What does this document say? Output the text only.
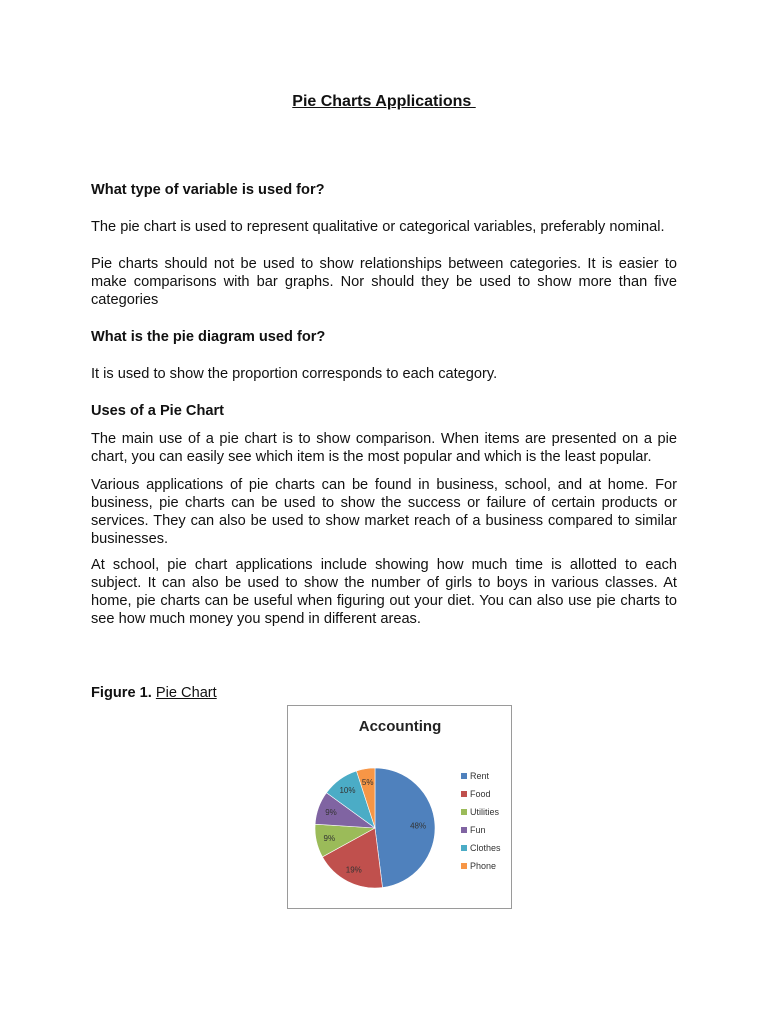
Pie Charts Applications
What type of variable is used for?
The pie chart is used to represent qualitative or categorical variables, preferably nominal.
Pie charts should not be used to show relationships between categories. It is easier to make comparisons with bar graphs. Nor should they be used to show more than five categories
What is the pie diagram used for?
It is used to show the proportion corresponds to each category.
Uses of a Pie Chart
The main use of a pie chart is to show comparison. When items are presented on a pie chart, you can easily see which item is the most popular and which is the least popular.
Various applications of pie charts can be found in business, school, and at home. For business, pie charts can be used to show the success or failure of certain products or services. They can also be used to show market reach of a business compared to similar businesses.
At school, pie chart applications include showing how much time is allotted to each subject. It can also be used to show the number of girls to boys in various classes. At home, pie charts can be useful when figuring out your diet. You can also use pie charts to see how much money you spend in different areas.
Figure 1. Pie Chart
Accounting
48%
19%
9%
9%
10%
5%
Rent
Food
Utilities
Fun
Clothes
Phone
